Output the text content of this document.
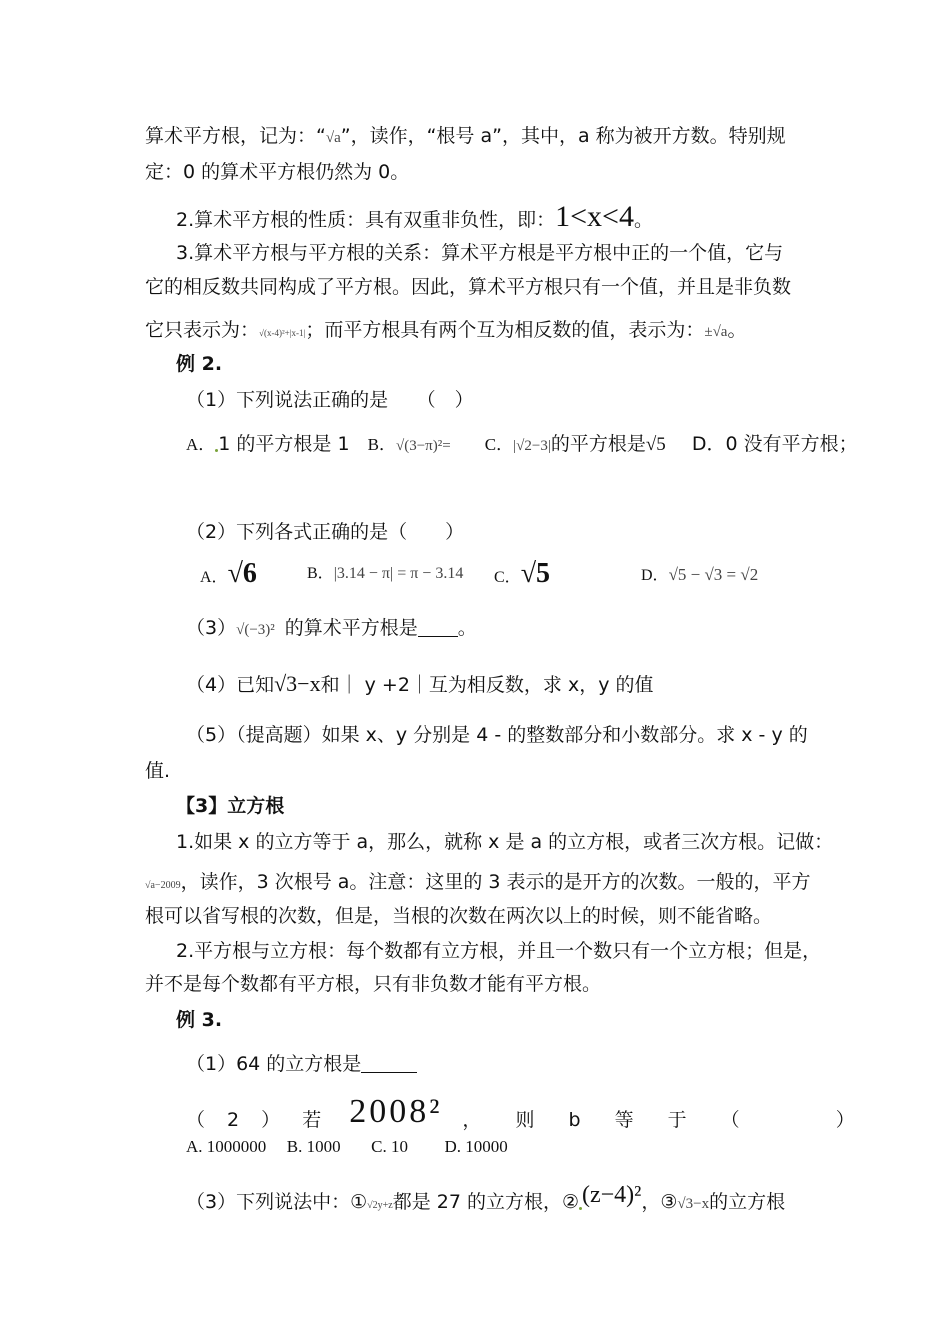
算术平方根，记为：“√a”，读作，“根号 a”，其中，a 称为被开方数。特别规
定：0 的算术平方根仍然为 0。
2.算术平方根的性质：具有双重非负性，即：1<x<4。
3.算术平方根与平方根的关系：算术平方根是平方根中正的一个值，它与
它的相反数共同构成了平方根。因此，算术平方根只有一个值，并且是非负数
它只表示为：√(x-4)²+|x-1|；而平方根具有两个互为相反数的值，表示为：±√a。
例 2.
（1）下列说法正确的是　　（　）
A． 1 的平方根是 1 B．√(3−π)²= C．|√2−3|的平方根是√5 D．0 没有平方根；
（2）下列各式正确的是（　　）
A．√6	B．|3.14 − π| = π − 3.14 C．√5	D．√5 − √3 = √2
（3）√(−3)² 的算术平方根是 。
（4）已知√3−x和｜ y +2｜互为相反数，求 x，y 的值
（5）（提高题）如果 x、y 分别是 4 - 的整数部分和小数部分。求 x - y 的
值.
【3】立方根
1.如果 x 的立方等于 a，那么，就称 x 是 a 的立方根，或者三次方根。记做：
√a−2009，读作，3 次根号 a。注意：这里的 3 表示的是开方的次数。一般的，平方
根可以省写根的次数，但是，当根的次数在两次以上的时候，则不能省略。
2.平方根与立方根：每个数都有立方根，并且一个数只有一个立方根；但是，
并不是每个数都有平方根，只有非负数才能有平方根。
例 3.
（1）64 的立方根是
（ 2 ） 若 2008² ， 则 b 等 于 （	）
A. 1000000 B. 1000 C. 10 D. 10000
（3）下列说法中：①√2y+z都是 27 的立方根，② (z−4)²，③√3−x的立方根
